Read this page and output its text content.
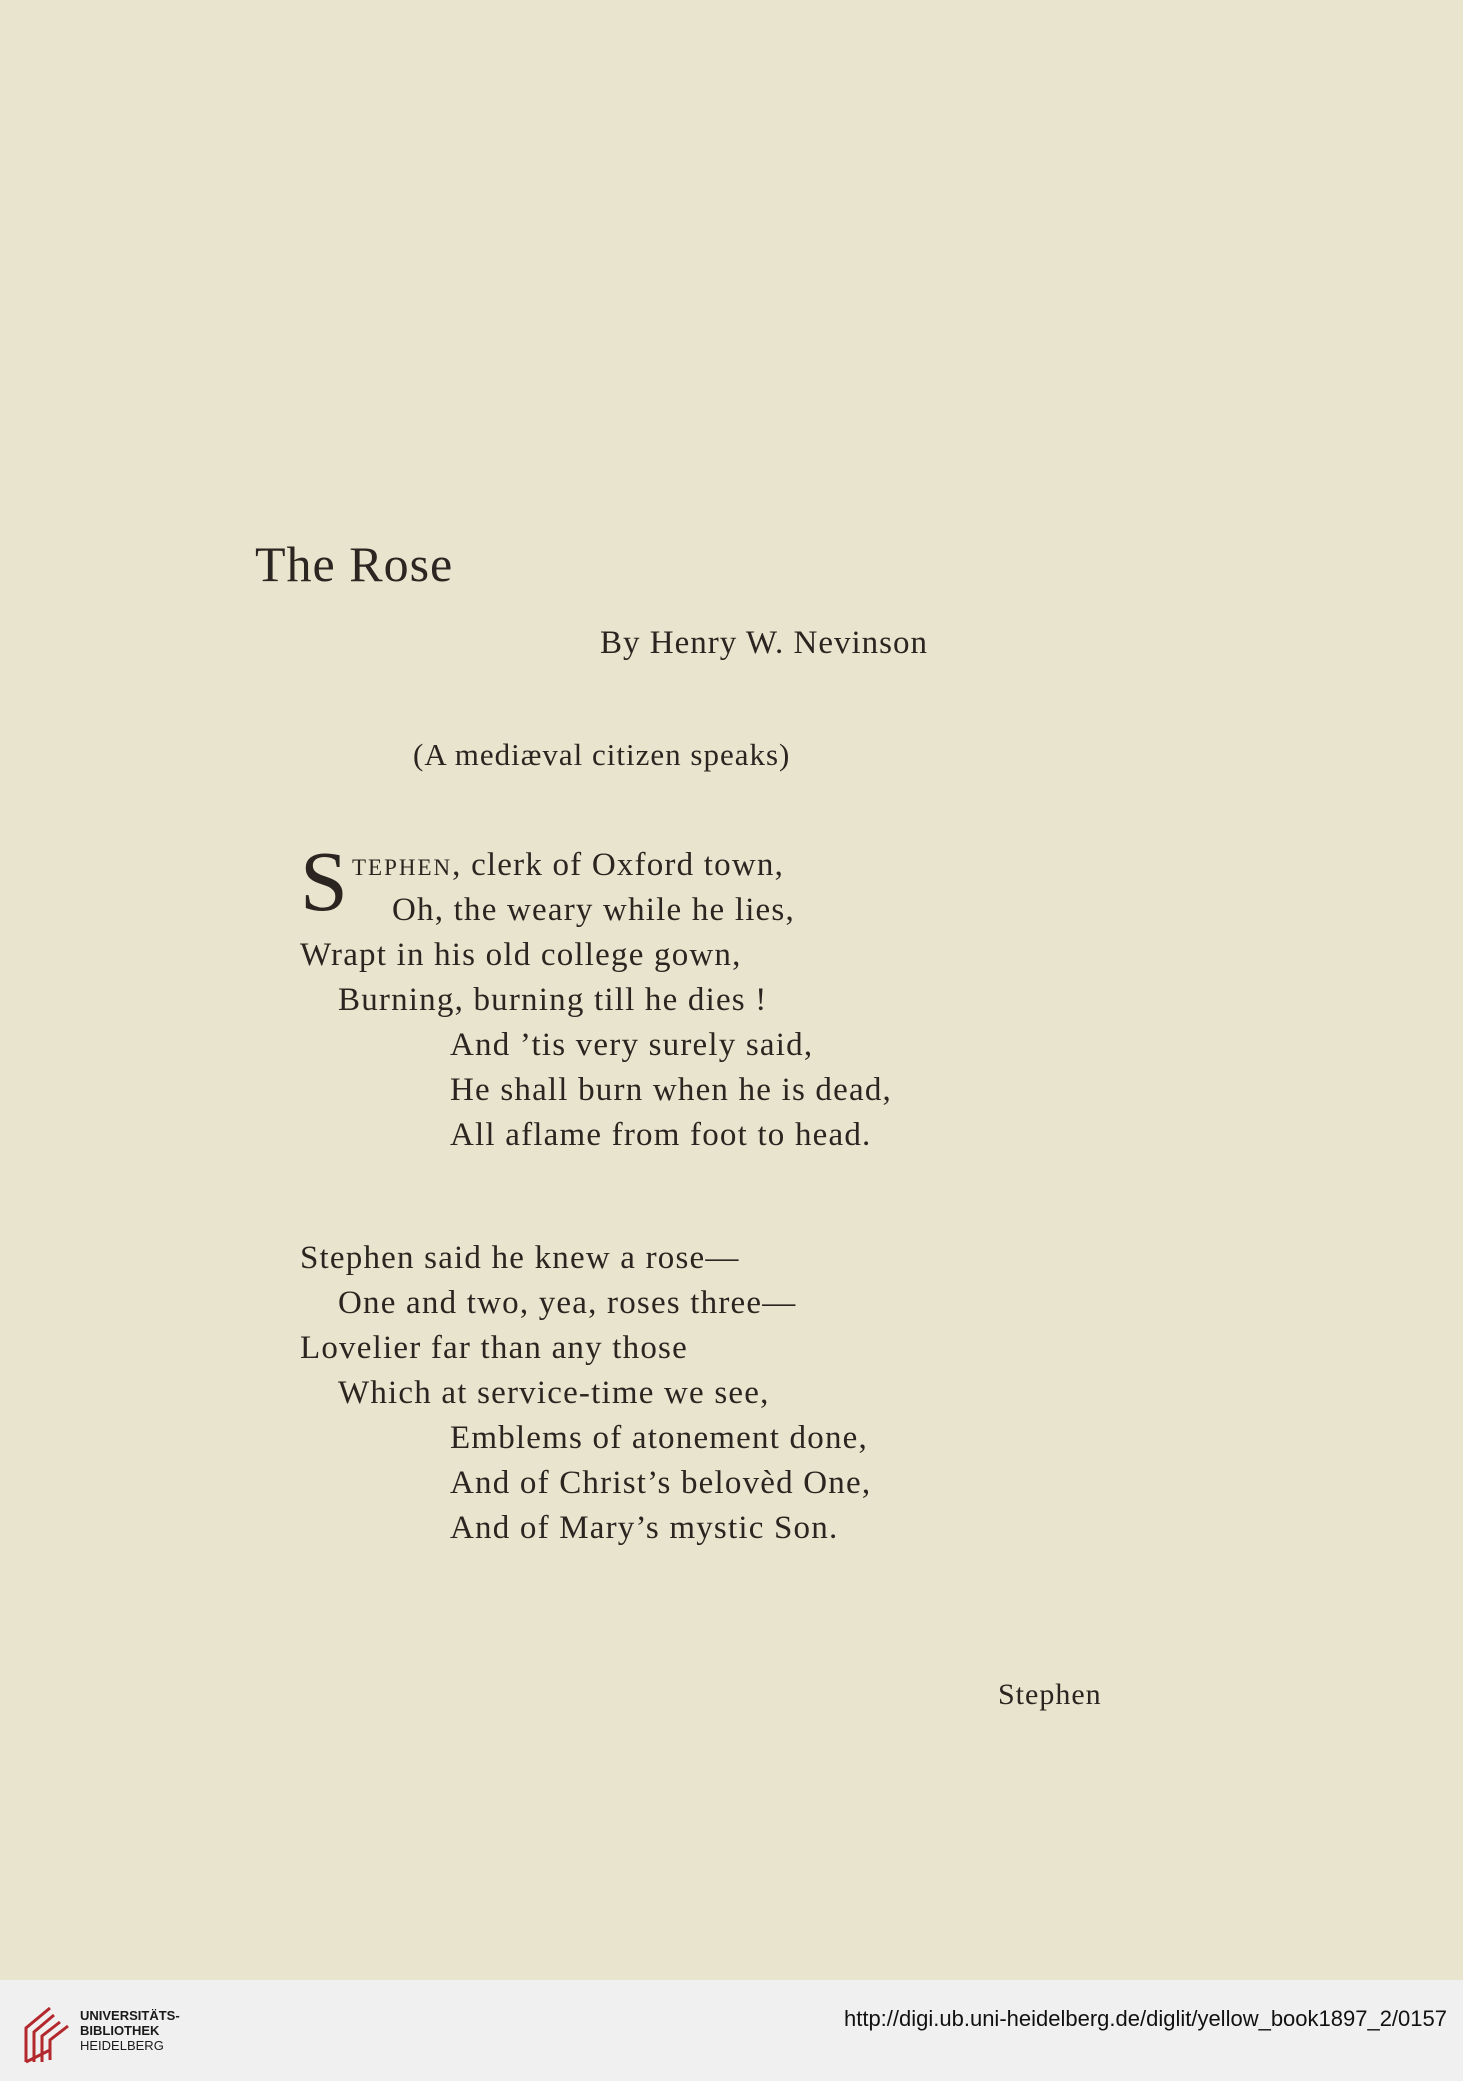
The Rose
By Henry W. Nevinson
(A mediæval citizen speaks)
S tephen, clerk of Oxford town,
Oh, the weary while he lies,
Wrapt in his old college gown,
Burning, burning till he dies !
And ’tis very surely said,
He shall burn when he is dead,
All aflame from foot to head.
Stephen said he knew a rose—
One and two, yea, roses three—
Lovelier far than any those
Which at service-time we see,
Emblems of atonement done,
And of Christ’s belovèd One,
And of Mary’s mystic Son.
Stephen
UNIVERSITÄTS-
BIBLIOTHEK
HEIDELBERG
http://digi.ub.uni-heidelberg.de/diglit/yellow_book1897_2/0157
